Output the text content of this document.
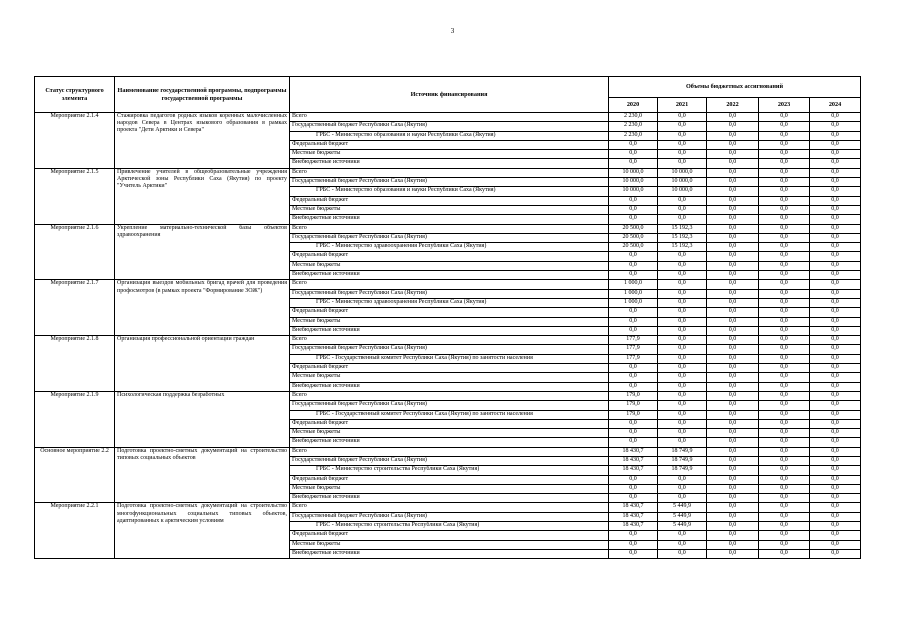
3
Статус структурного элемента	Наименование государственной программы, подпрограммы государственной программы	Источник финансирования	Объемы бюджетных ассигнований				
			2020	2021	2022	2023	2024
Мероприятие 2.1.4	Стажировка педагогов родных языков коренных малочисленных народов Севера в Центрах языкового образования в рамках проекта "Дети Арктики и Севера"	Всего	2 230,0	0,0	0,0	0,0	0,0
		Государственный бюджет Республики Саха (Якутия)	2 230,0	0,0	0,0	0,0	0,0
		ГРБС - Министерство образования и науки Республики Саха (Якутия)	2 230,0	0,0	0,0	0,0	0,0
		Федеральный бюджет	0,0	0,0	0,0	0,0	0,0
		Местные бюджеты	0,0	0,0	0,0	0,0	0,0
		Внебюджетные источники	0,0	0,0	0,0	0,0	0,0
Мероприятие 2.1.5	Привлечение учителей в общеобразовательные учреждения Арктической зоны Республики Саха (Якутия) по проекту "Учитель Арктики"	Всего	10 000,0	10 000,0	0,0	0,0	0,0
		Государственный бюджет Республики Саха (Якутия)	10 000,0	10 000,0	0,0	0,0	0,0
		ГРБС - Министерство образования и науки Республики Саха (Якутия)	10 000,0	10 000,0	0,0	0,0	0,0
		Федеральный бюджет	0,0	0,0	0,0	0,0	0,0
		Местные бюджеты	0,0	0,0	0,0	0,0	0,0
		Внебюджетные источники	0,0	0,0	0,0	0,0	0,0
Мероприятие 2.1.6	Укрепление материально-технической базы объектов здравоохранения	Всего	20 500,0	15 192,3	0,0	0,0	0,0
		Государственный бюджет Республики Саха (Якутия)	20 500,0	15 192,3	0,0	0,0	0,0
		ГРБС - Министерство здравоохранения Республики Саха (Якутия)	20 500,0	15 192,3	0,0	0,0	0,0
		Федеральный бюджет	0,0	0,0	0,0	0,0	0,0
		Местные бюджеты	0,0	0,0	0,0	0,0	0,0
		Внебюджетные источники	0,0	0,0	0,0	0,0	0,0
Мероприятие 2.1.7	Организация выездов мобильных бригад врачей для проведения профосмотров (в рамках проекта "Формирование ЗОЖ")	Всего	1 000,0	0,0	0,0	0,0	0,0
		Государственный бюджет Республики Саха (Якутия)	1 000,0	0,0	0,0	0,0	0,0
		ГРБС - Министерство здравоохранения Республики Саха (Якутия)	1 000,0	0,0	0,0	0,0	0,0
		Федеральный бюджет	0,0	0,0	0,0	0,0	0,0
		Местные бюджеты	0,0	0,0	0,0	0,0	0,0
		Внебюджетные источники	0,0	0,0	0,0	0,0	0,0
Мероприятие 2.1.8	Организация профессиональной ориентации граждан	Всего	177,9	0,0	0,0	0,0	0,0
		Государственный бюджет Республики Саха (Якутия)	177,9	0,0	0,0	0,0	0,0
		ГРБС - Государственный комитет Республики Саха (Якутия) по занятости населения	177,9	0,0	0,0	0,0	0,0
		Федеральный бюджет	0,0	0,0	0,0	0,0	0,0
		Местные бюджеты	0,0	0,0	0,0	0,0	0,0
		Внебюджетные источники	0,0	0,0	0,0	0,0	0,0
Мероприятие 2.1.9	Психологическая поддержка безработных	Всего	179,0	0,0	0,0	0,0	0,0
		Государственный бюджет Республики Саха (Якутия)	179,0	0,0	0,0	0,0	0,0
		ГРБС - Государственный комитет Республики Саха (Якутия) по занятости населения	179,0	0,0	0,0	0,0	0,0
		Федеральный бюджет	0,0	0,0	0,0	0,0	0,0
		Местные бюджеты	0,0	0,0	0,0	0,0	0,0
		Внебюджетные источники	0,0	0,0	0,0	0,0	0,0
Основное мероприятие 2.2	Подготовка проектно-сметных документаций на строительство типовых социальных объектов	Всего	18 430,7	18 749,9	0,0	0,0	0,0
		Государственный бюджет Республики Саха (Якутия)	18 430,7	18 749,9	0,0	0,0	0,0
		ГРБС - Министерство строительства Республики Саха (Якутия)	18 430,7	18 749,9	0,0	0,0	0,0
		Федеральный бюджет	0,0	0,0	0,0	0,0	0,0
		Местные бюджеты	0,0	0,0	0,0	0,0	0,0
		Внебюджетные источники	0,0	0,0	0,0	0,0	0,0
Мероприятие 2.2.1	Подготовка проектно-сметных документаций на строительство многофункциональных социальных типовых объектов, адаптированных к арктическим условиям	Всего	18 430,7	5 449,9	0,0	0,0	0,0
		Государственный бюджет Республики Саха (Якутия)	18 430,7	5 449,9	0,0	0,0	0,0
		ГРБС - Министерство строительства Республики Саха (Якутия)	18 430,7	5 449,9	0,0	0,0	0,0
		Федеральный бюджет	0,0	0,0	0,0	0,0	0,0
		Местные бюджеты	0,0	0,0	0,0	0,0	0,0
		Внебюджетные источники	0,0	0,0	0,0	0,0	0,0
